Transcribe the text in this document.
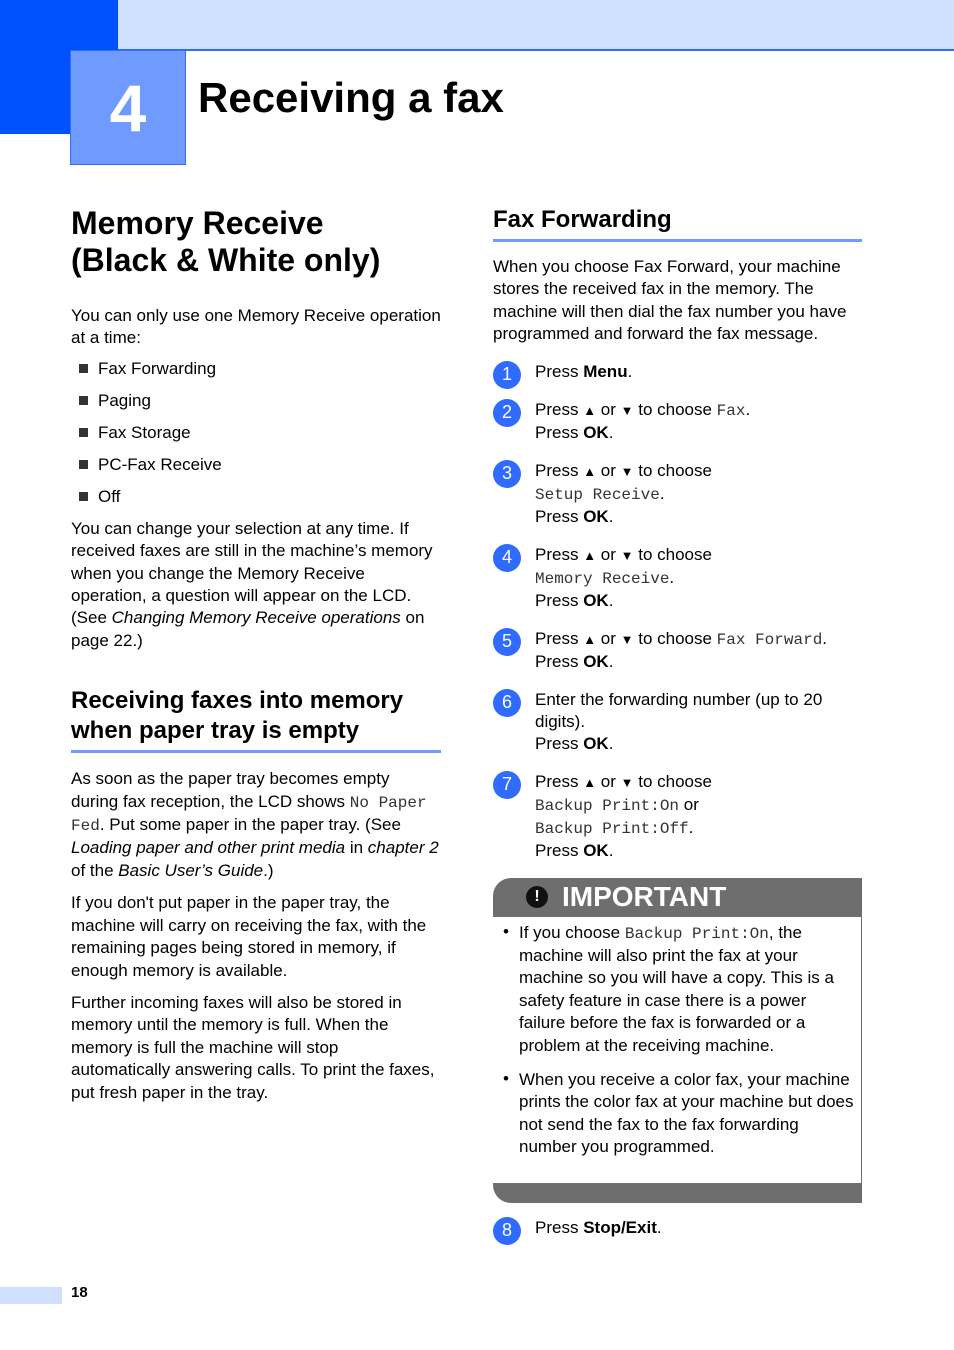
4 Receiving a fax
Memory Receive
(Black & White only)

You can only use one Memory Receive operation at a time:

Fax Forwarding
Paging
Fax Storage
PC-Fax Receive
Off

You can change your selection at any time. If received faxes are still in the machine’s memory when you change the Memory Receive operation, a question will appear on the LCD. (See Changing Memory Receive operations on page 22.)

Receiving faxes into memory when paper tray is empty

As soon as the paper tray becomes empty during fax reception, the LCD shows No Paper Fed. Put some paper in the paper tray. (See Loading paper and other print media in chapter 2 of the Basic User’s Guide.)

If you don't put paper in the paper tray, the machine will carry on receiving the fax, with the remaining pages being stored in memory, if enough memory is available.

Further incoming faxes will also be stored in memory until the memory is full. When the memory is full the machine will stop automatically answering calls. To print the faxes, put fresh paper in the tray.

Fax Forwarding

When you choose Fax Forward, your machine stores the received fax in the memory. The machine will then dial the fax number you have programmed and forward the fax message.

1	Press Menu.

2	Press ▲ or ▼ to choose Fax.
Press OK.

3	Press ▲ or ▼ to choose
Setup Receive.
Press OK.

4	Press ▲ or ▼ to choose
Memory Receive.
Press OK.

5	Press ▲ or ▼ to choose Fax Forward.
Press OK.

6	Enter the forwarding number (up to 20 digits).
Press OK.

7	Press ▲ or ▼ to choose
Backup Print:On or
Backup Print:Off.
Press OK.

! IMPORTANT
• If you choose Backup Print:On, the machine will also print the fax at your machine so you will have a copy. This is a safety feature in case there is a power failure before the fax is forwarded or a problem at the receiving machine.

• When you receive a color fax, your machine prints the color fax at your machine but does not send the fax to the fax forwarding number you programmed.

8	Press Stop/Exit.

18
